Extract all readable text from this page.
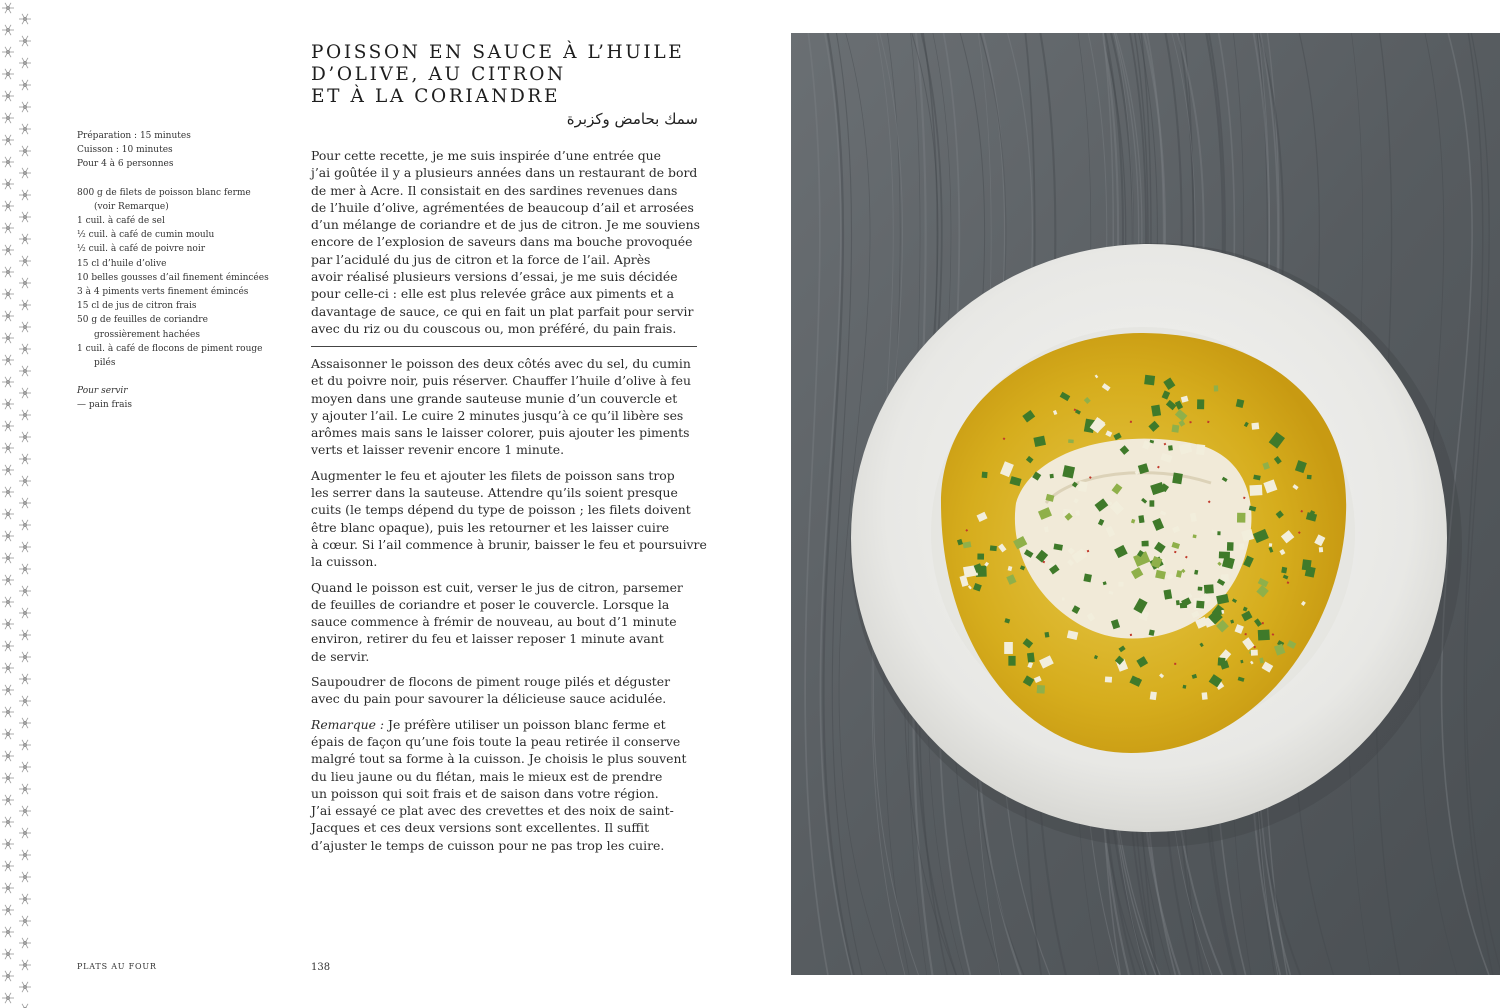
POISSON EN SAUCE À L’HUILE
D’OLIVE, AU CITRON
ET À LA CORIANDRE
سمك بحامض وكزبرة
Préparation : 15 minutes
Cuisson : 10 minutes
Pour 4 à 6 personnes
800 g de filets de poisson blanc ferme (voir Remarque)
1 cuil. à café de sel
½ cuil. à café de cumin moulu
½ cuil. à café de poivre noir
15 cl d’huile d’olive
10 belles gousses d’ail finement émincées
3 à 4 piments verts finement émincés
15 cl de jus de citron frais
50 g de feuilles de coriandre grossièrement hachées
1 cuil. à café de flocons de piment rouge pilés
Pour servir
— pain frais
Pour cette recette, je me suis inspirée d’une entrée que
j’ai goûtée il y a plusieurs années dans un restaurant de bord
de mer à Acre. Il consistait en des sardines revenues dans
de l’huile d’olive, agrémentées de beaucoup d’ail et arrosées
d’un mélange de coriandre et de jus de citron. Je me souviens
encore de l’explosion de saveurs dans ma bouche provoquée
par l’acidulé du jus de citron et la force de l’ail. Après
avoir réalisé plusieurs versions d’essai, je me suis décidée
pour celle-ci : elle est plus relevée grâce aux piments et a
davantage de sauce, ce qui en fait un plat parfait pour servir
avec du riz ou du couscous ou, mon préféré, du pain frais.

Assaisonner le poisson des deux côtés avec du sel, du cumin
et du poivre noir, puis réserver. Chauffer l’huile d’olive à feu
moyen dans une grande sauteuse munie d’un couvercle et
y ajouter l’ail. Le cuire 2 minutes jusqu’à ce qu’il libère ses
arômes mais sans le laisser colorer, puis ajouter les piments
verts et laisser revenir encore 1 minute.

Augmenter le feu et ajouter les filets de poisson sans trop
les serrer dans la sauteuse. Attendre qu’ils soient presque
cuits (le temps dépend du type de poisson ; les filets doivent
être blanc opaque), puis les retourner et les laisser cuire
à cœur. Si l’ail commence à brunir, baisser le feu et poursuivre
la cuisson.

Quand le poisson est cuit, verser le jus de citron, parsemer
de feuilles de coriandre et poser le couvercle. Lorsque la
sauce commence à frémir de nouveau, au bout d’1 minute
environ, retirer du feu et laisser reposer 1 minute avant
de servir.

Saupoudrer de flocons de piment rouge pilés et déguster
avec du pain pour savourer la délicieuse sauce acidulée.

Remarque : Je préfère utiliser un poisson blanc ferme et
épais de façon qu’une fois toute la peau retirée il conserve
malgré tout sa forme à la cuisson. Je choisis le plus souvent
du lieu jaune ou du flétan, mais le mieux est de prendre
un poisson qui soit frais et de saison dans votre région.
J’ai essayé ce plat avec des crevettes et des noix de saint-
Jacques et ces deux versions sont excellentes. Il suffit
d’ajuster le temps de cuisson pour ne pas trop les cuire.

PLATS AU FOUR	138
